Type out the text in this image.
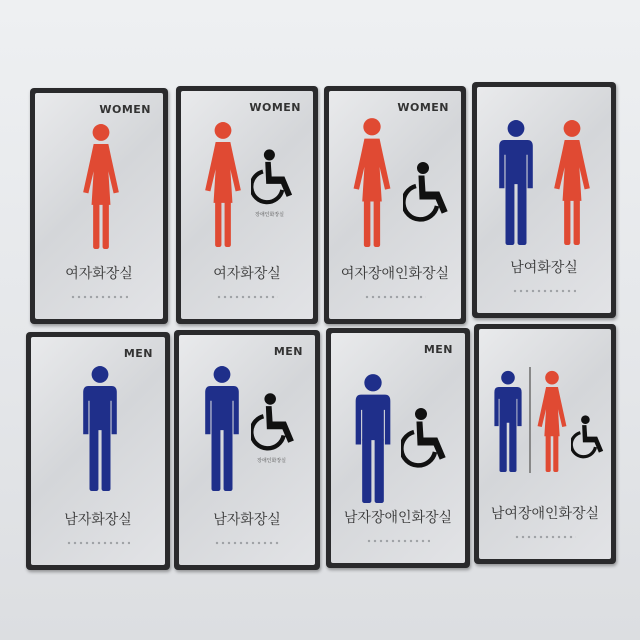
WOMEN
여자화장실
WOMEN
장애인화장실
여자화장실
WOMEN
여자장애인화장실	남여화장실
MEN
남자화장실
MEN
장애인화장실
남자화장실
MEN
남자장애인화장실	남여장애인화장실
